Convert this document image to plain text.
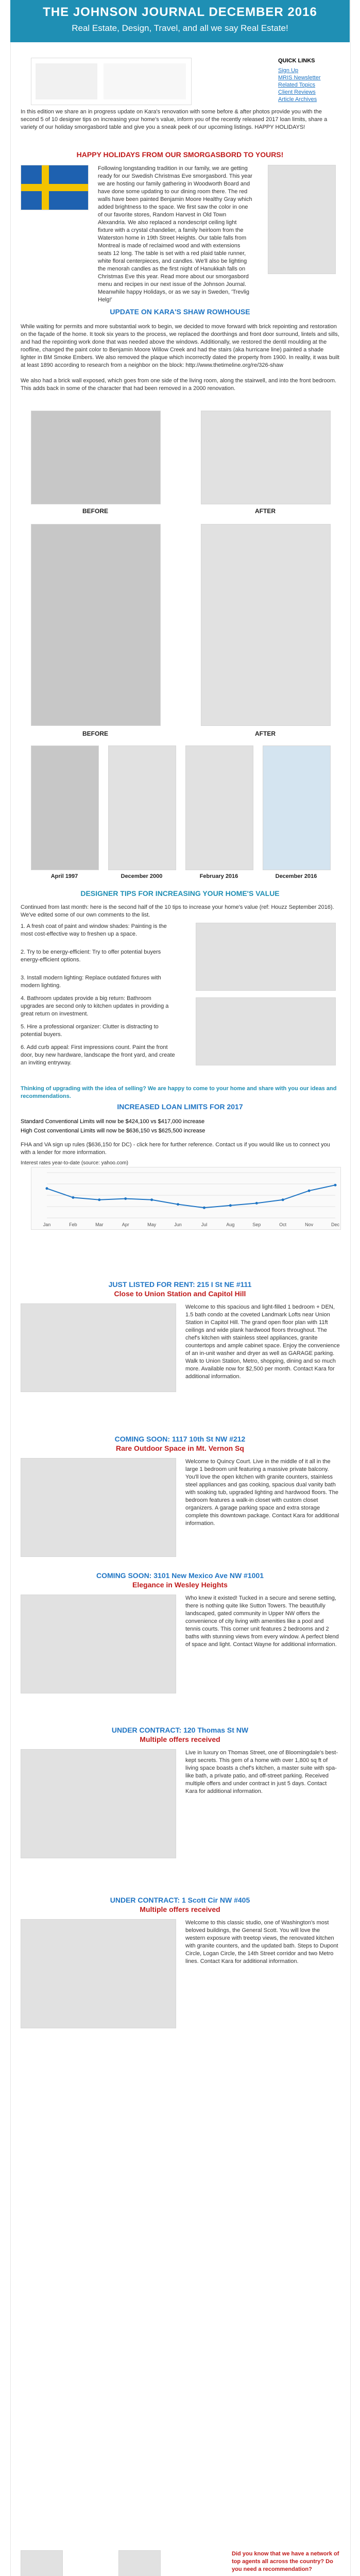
THE JOHNSON JOURNAL DECEMBER 2016
Real Estate, Design, Travel, and all we say Real Estate!
QUICK LINKS
Sign Up
MRIS Newsletter
Related Topics
Client Reviews
Article Archives
In this edition we share an in progress update on Kara's renovation with some before & after photos provide you with the second 5 of 10 designer tips on increasing your home's value, inform you of the recently released 2017 loan limits, share a variety of our holiday smorgasbord table and give you a sneak peek of our upcoming listings. HAPPY HOLIDAYS!
HAPPY HOLIDAYS FROM OUR SMORGASBORD TO YOURS!
Following longstanding tradition in our family, we are getting ready for our Swedish Christmas Eve smorgasbord. This year we are hosting our family gathering in Woodworth Board and have done some updating to our dining room there. The red walls have been painted Benjamin Moore Healthy Gray which added brightness to the space. We first saw the color in one of our favorite stores, Random Harvest in Old Town Alexandria. We also replaced a nondescript ceiling light fixture with a crystal chandelier, a family heirloom from the Waterston home in 19th Street Heights. Our table falls from Montreal is made of reclaimed wood and with extensions seats 12 long. The table is set with a red plaid table runner, white floral centerpieces, and candles. We'll also be lighting the menorah candles as the first night of Hanukkah falls on Christmas Eve this year. Read more about our smorgasbord menu and recipes in our next issue of the Johnson Journal. Meanwhile happy Holidays, or as we say in Sweden, 'Trevlig Helg!'
UPDATE ON KARA'S SHAW ROWHOUSE
While waiting for permits and more substantial work to begin, we decided to move forward with brick repointing and restoration on the façade of the home. It took six years to the process, we replaced the doorthings and front door surround, lintels and sills, and had the repointing work done that was needed above the windows. Additionally, we restored the dentil moulding at the roofline, changed the paint color to Benjamin Moore Willow Creek and had the stairs (aka hurricane line) painted a shade lighter in BM Smoke Embers. We also removed the plaque which incorrectly dated the property from 1900. In reality, it was built at least 1890 according to research from a neighbor on the block: http://www.thetimeline.org/re/326-shaw
We also had a brick wall exposed, which goes from one side of the living room, along the stairwell, and into the front bedroom. This adds back in some of the character that had been removed in a 2000 renovation.
BEFORE	AFTER
BEFORE	AFTER
April 1997	December 2000	February 2016	December 2016
DESIGNER TIPS FOR INCREASING YOUR HOME'S VALUE
Continued from last month: here is the second half of the 10 tips to increase your home's value (ref: Houzz September 2016). We've edited some of our own comments to the list.
1. A fresh coat of paint and window shades: Painting is the most cost-effective way to freshen up a space.
2. Try to be energy-efficient: Try to offer potential buyers energy-efficient options.
3. Install modern lighting: Replace outdated fixtures with modern lighting.
4. Bathroom updates provide a big return: Bathroom upgrades are second only to kitchen updates in providing a great return on investment.
5. Hire a professional organizer: Clutter is distracting to potential buyers.
6. Add curb appeal: First impressions count. Paint the front door, buy new hardware, landscape the front yard, and create an inviting entryway.
Thinking of upgrading with the idea of selling? We are happy to come to your home and share with you our ideas and recommendations.
INCREASED LOAN LIMITS FOR 2017
Standard Conventional Limits will now be $424,100 vs $417,000 increase
High Cost conventional Limits will now be $636,150 vs $625,500 increase
FHA and VA sign up rules ($636,150 for DC) - click here for further reference. Contact us if you would like us to connect you with a lender for more information.
Interest rates year-to-date (source: yahoo.com)
Jan	Feb	Mar	Apr	May	Jun	Jul	Aug	Sep	Oct	Nov	Dec
JUST LISTED FOR RENT: 215 I St NE #111
Close to Union Station and Capitol Hill
Welcome to this spacious and light-filled 1 bedroom + DEN, 1.5 bath condo at the coveted Landmark Lofts near Union Station in Capitol Hill. The grand open floor plan with 11ft ceilings and wide plank hardwood floors throughout. The chef's kitchen with stainless steel appliances, granite countertops and ample cabinet space. Enjoy the convenience of an in-unit washer and dryer as well as GARAGE parking. Walk to Union Station, Metro, shopping, dining and so much more. Available now for $2,500 per month. Contact Kara for additional information.
COMING SOON: 1117 10th St NW #212
Rare Outdoor Space in Mt. Vernon Sq
Welcome to Quincy Court. Live in the middle of it all in the large 1 bedroom unit featuring a massive private balcony. You'll love the open kitchen with granite counters, stainless steel appliances and gas cooking, spacious dual vanity bath with soaking tub, upgraded lighting and hardwood floors. The bedroom features a walk-in closet with custom closet organizers. A garage parking space and extra storage complete this downtown package. Contact Kara for additional information.
COMING SOON: 3101 New Mexico Ave NW #1001
Elegance in Wesley Heights
Who knew it existed! Tucked in a secure and serene setting, there is nothing quite like Sutton Towers. The beautifully landscaped, gated community in Upper NW offers the convenience of city living with amenities like a pool and tennis courts. This corner unit features 2 bedrooms and 2 baths with stunning views from every window. A perfect blend of space and light. Contact Wayne for additional information.
UNDER CONTRACT: 120 Thomas St NW
Multiple offers received
Live in luxury on Thomas Street, one of Bloomingdale's best-kept secrets. This gem of a home with over 1,800 sq ft of living space boasts a chef's kitchen, a master suite with spa-like bath, a private patio, and off-street parking. Received multiple offers and under contract in just 5 days. Contact Kara for additional information.
UNDER CONTRACT: 1 Scott Cir NW #405
Multiple offers received
Welcome to this classic studio, one of Washington's most beloved buildings, the General Scott. You will love the western exposure with treetop views, the renovated kitchen with granite counters, and the updated bath. Steps to Dupont Circle, Logan Circle, the 14th Street corridor and two Metro lines. Contact Kara for additional information.
Did you know that we have a network of top agents all across the country? Do you need a recommendation?
